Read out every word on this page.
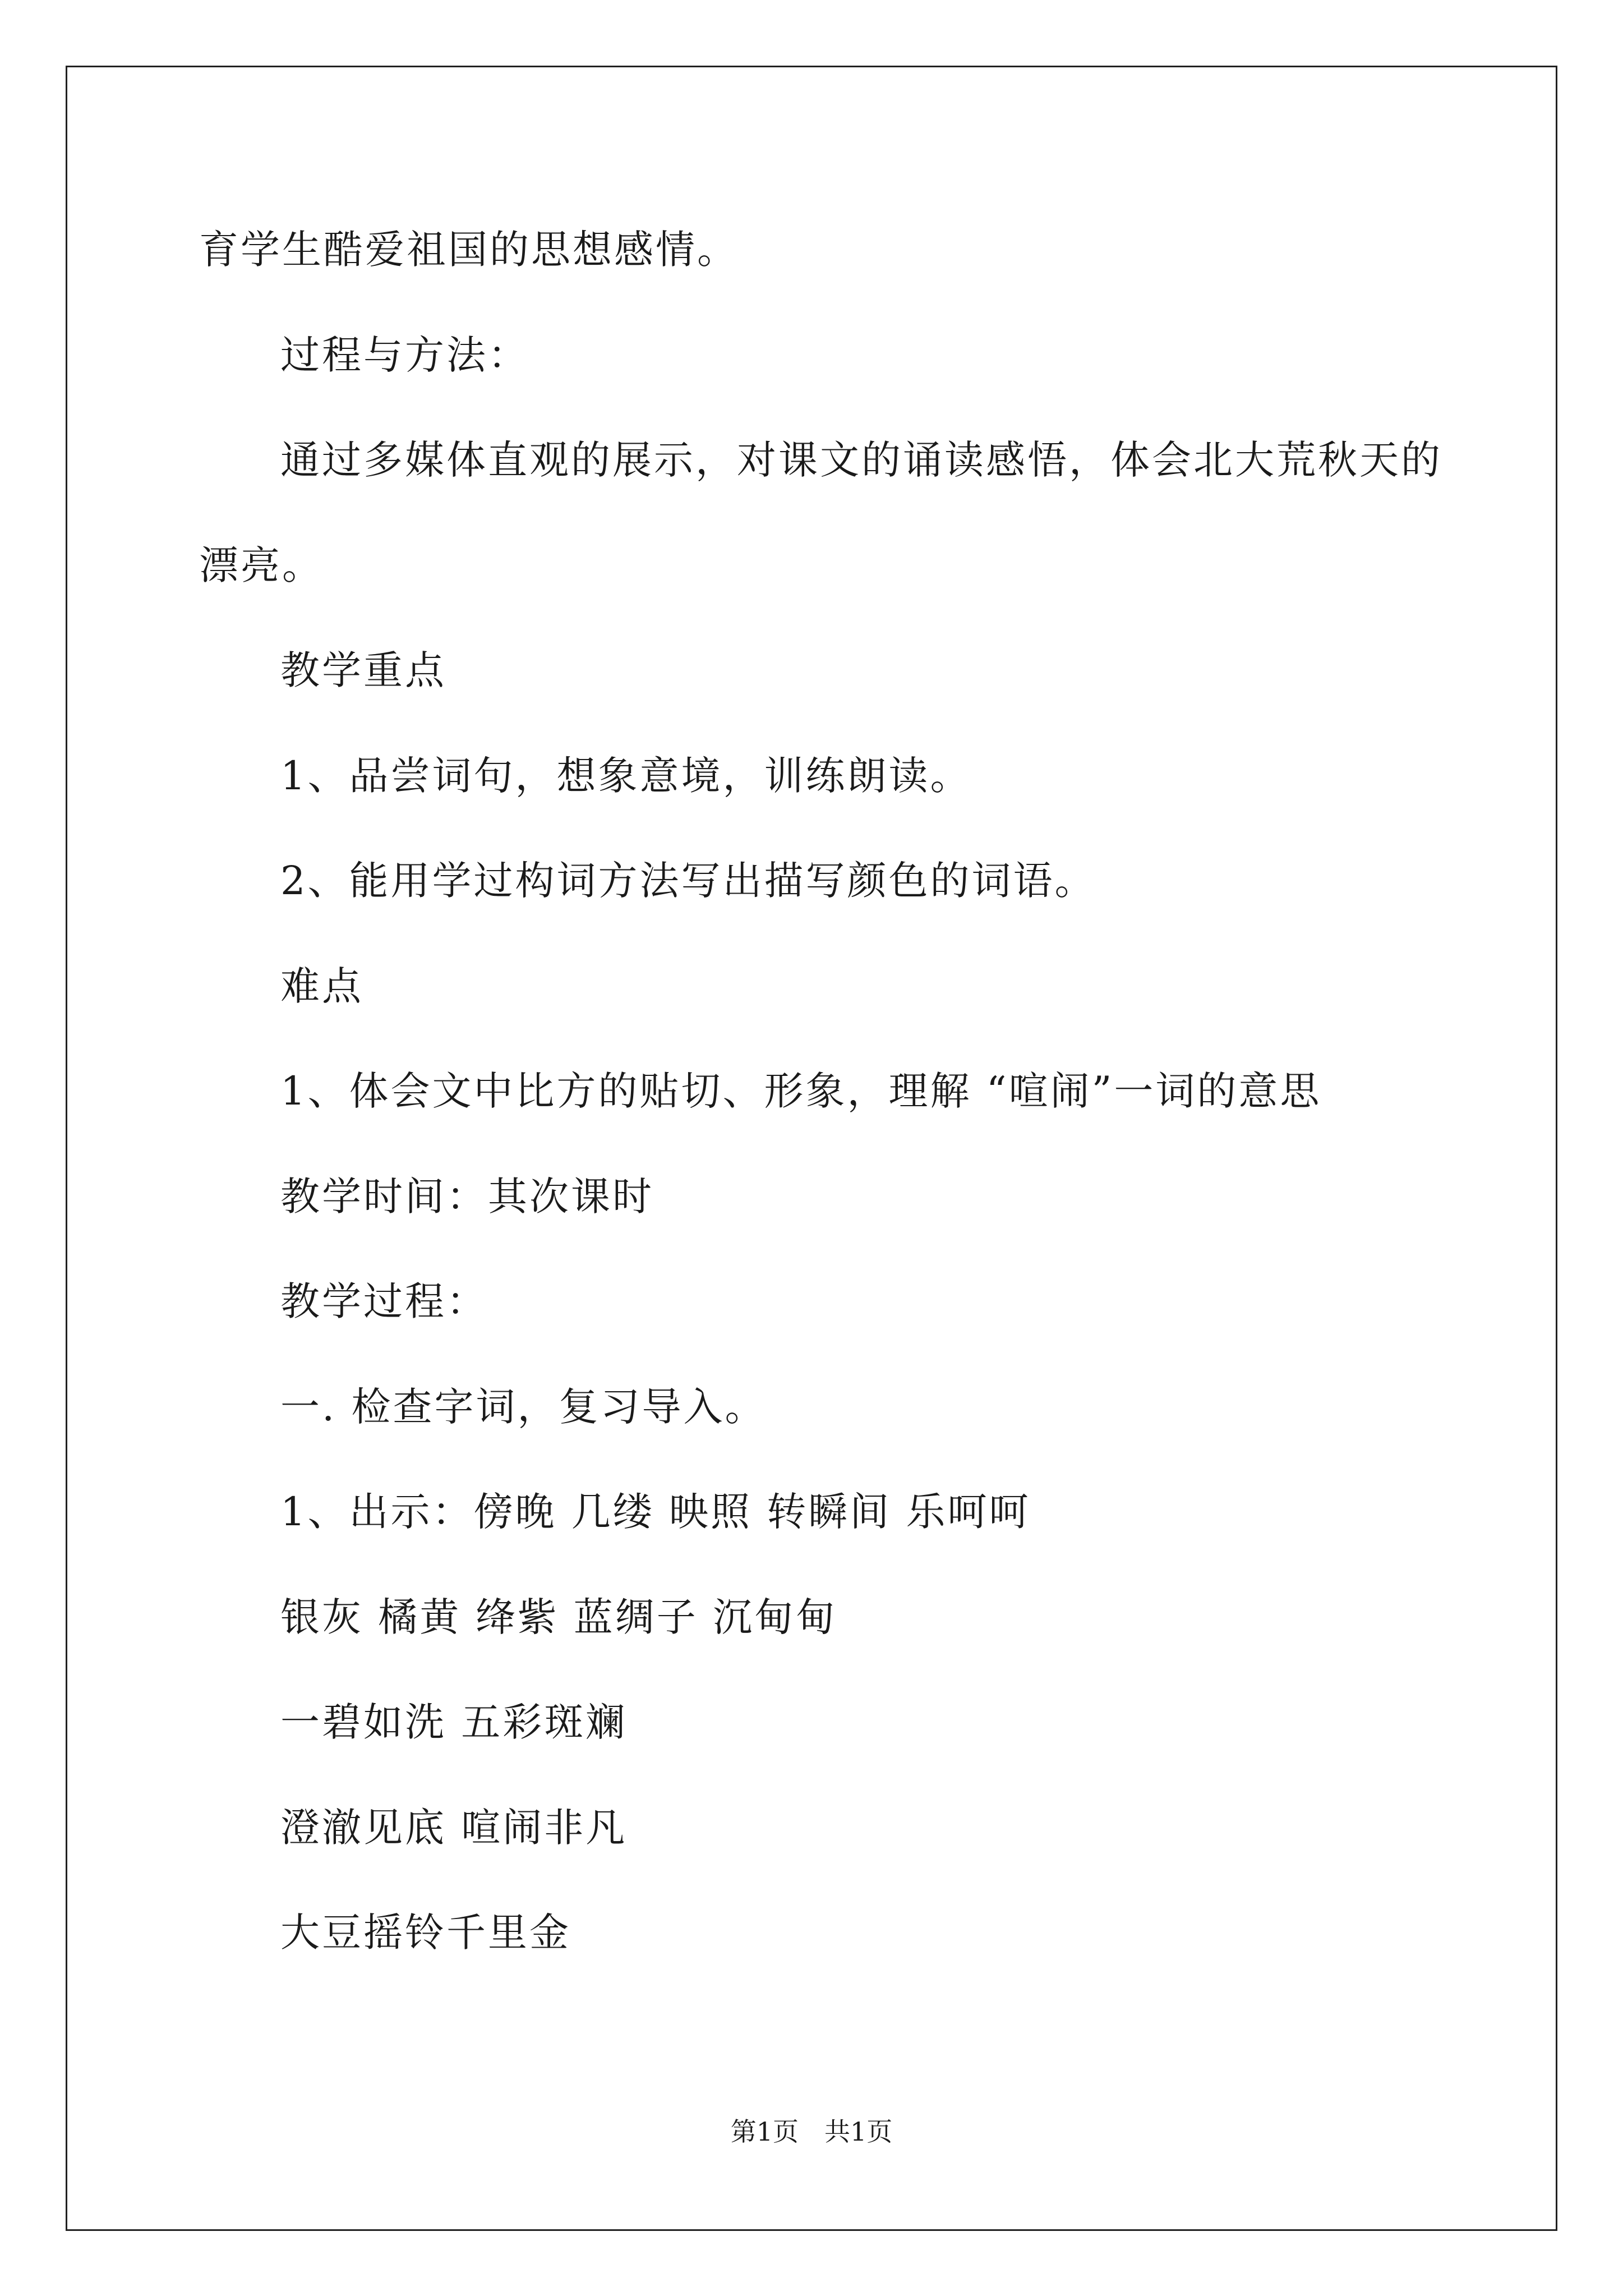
育学生酷爱祖国的思想感情。

过程与方法：

通过多媒体直观的展示，对课文的诵读感悟，体会北大荒秋天的

漂亮。

教学重点

1、品尝词句，想象意境，训练朗读。

2、能用学过构词方法写出描写颜色的词语。

难点

1、体会文中比方的贴切、形象，理解 “喧闹”一词的意思

教学时间：其次课时

教学过程：

一. 检查字词，复习导入。

1、出示：傍晚 几缕 映照 转瞬间 乐呵呵

银灰 橘黄 绛紫 蓝绸子 沉甸甸

一碧如洗 五彩斑斓

澄澈见底 喧闹非凡

大豆摇铃千里金

第1页　共1页
